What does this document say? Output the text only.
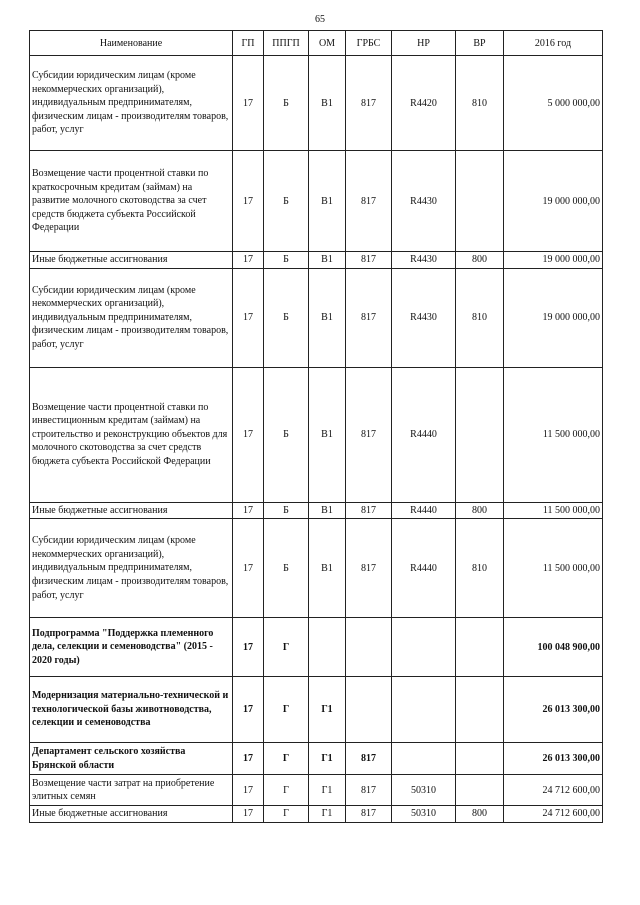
65
Наименование	ГП	ППГП	ОМ	ГРБС	НР	ВР	2016 год
Субсидии юридическим лицам (кроме некоммерческих организаций), индивидуальным предпринимателям, физическим лицам - производителям товаров, работ, услуг	17	Б	В1	817	R4420	810	5 000 000,00
Возмещение части процентной ставки по краткосрочным кредитам (займам) на развитие молочного скотоводства за счет средств бюджета субъекта Российской Федерации	17	Б	В1	817	R4430		19 000 000,00
Иные бюджетные ассигнования	17	Б	В1	817	R4430	800	19 000 000,00
Субсидии юридическим лицам (кроме некоммерческих организаций), индивидуальным предпринимателям, физическим лицам - производителям товаров, работ, услуг	17	Б	В1	817	R4430	810	19 000 000,00
Возмещение части процентной ставки по инвестиционным кредитам (займам) на строительство и реконструкцию объектов для молочного скотоводства за счет средств бюджета субъекта Российской Федерации	17	Б	В1	817	R4440		11 500 000,00
Иные бюджетные ассигнования	17	Б	В1	817	R4440	800	11 500 000,00
Субсидии юридическим лицам (кроме некоммерческих организаций), индивидуальным предпринимателям, физическим лицам - производителям товаров, работ, услуг	17	Б	В1	817	R4440	810	11 500 000,00
Подпрограмма "Поддержка племенного дела, селекции и семеноводства" (2015 - 2020 годы)	17	Г					100 048 900,00
Модернизация материально-технической и технологической базы животноводства, селекции и семеноводства	17	Г	Г1				26 013 300,00
Департамент сельского хозяйства Брянской области	17	Г	Г1	817			26 013 300,00
Возмещение части затрат на приобретение элитных семян	17	Г	Г1	817	50310		24 712 600,00
Иные бюджетные ассигнования	17	Г	Г1	817	50310	800	24 712 600,00
